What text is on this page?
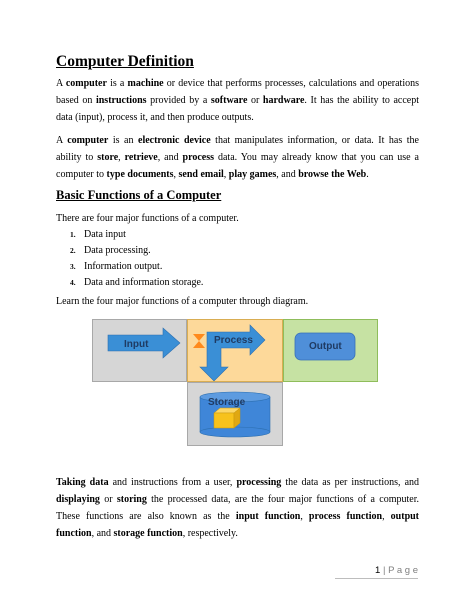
Computer Definition

A computer is a machine or device that performs processes, calculations and operations based on instructions provided by a software or hardware. It has the ability to accept data (input), process it, and then produce outputs.

A computer is an electronic device that manipulates information, or data. It has the ability to store, retrieve, and process data. You may already know that you can use a computer to type documents, send email, play games, and browse the Web.

Basic Functions of a Computer
There are four major functions of a computer.
1. Data input
2. Data processing.
3. Information output.
4. Data and information storage.
Learn the four major functions of a computer through diagram.
Input	Process
Output
Storage

Taking data and instructions from a user, processing the data as per instructions, and displaying or storing the processed data, are the four major functions of a computer. These functions are also known as the input function, process function, output function, and storage function, respectively.

1 | P a g e
